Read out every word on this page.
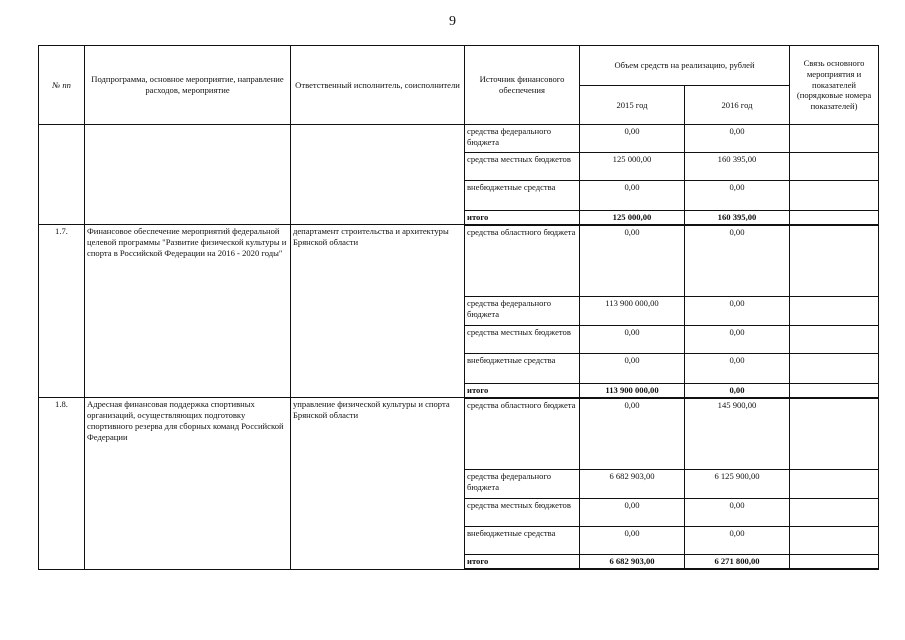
9
№ пп	Подпрограмма, основное мероприятие, направление расходов, мероприятие	Ответственный исполнитель, соисполнители	Источник финансового обеспечения	Объем средств на реализацию, рублей		Связь основного мероприятия и показателей (порядковые номера показателей)
				2015 год	2016 год	
			средства федерального бюджета	0,00	0,00	
			средства местных бюджетов	125 000,00	160 395,00	
			внебюджетные средства	0,00	0,00	
			итого	125 000,00	160 395,00	
1.7.	Финансовое обеспечение мероприятий федеральной целевой программы "Развитие физической культуры и спорта в Российской Федерации на 2016 - 2020 годы"	департамент строительства и архитектуры Брянской области	средства областного бюджета	0,00	0,00	
			средства федерального бюджета	113 900 000,00	0,00	
			средства местных бюджетов	0,00	0,00	
			внебюджетные средства	0,00	0,00	
			итого	113 900 000,00	0,00	
1.8.	Адресная финансовая поддержка спортивных организаций, осуществляющих подготовку спортивного резерва для сборных команд Российской Федерации	управление физической культуры и спорта Брянской области	средства областного бюджета	0,00	145 900,00	
			средства федерального бюджета	6 682 903,00	6 125 900,00	
			средства местных бюджетов	0,00	0,00	
			внебюджетные средства	0,00	0,00	
			итого	6 682 903,00	6 271 800,00	
